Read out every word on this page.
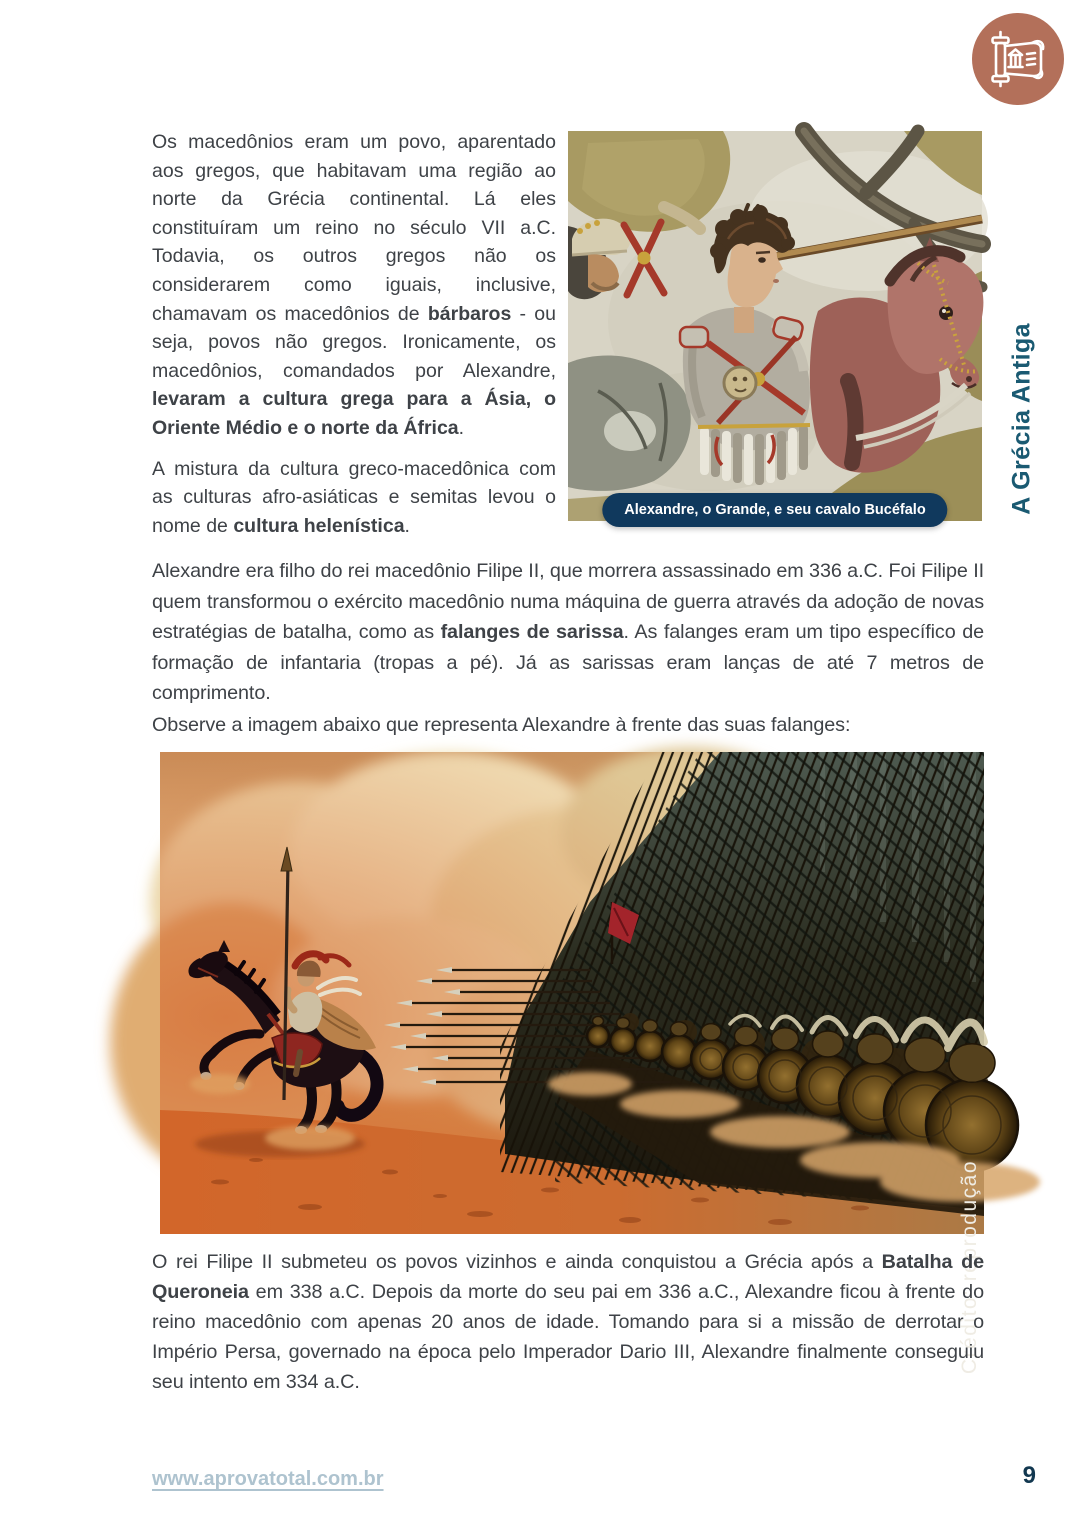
A Grécia Antiga

Os macedônios eram um povo, aparentado aos gregos, que habitavam uma região ao norte da Grécia continental. Lá eles constituíram um reino no século VII a.C. Todavia, os outros gregos não os considerarem como iguais, inclusive, chamavam os macedônios de bárbaros - ou seja, povos não gregos. Ironicamente, os macedônios, comandados por Alexandre, levaram a cultura grega para a Ásia, o Oriente Médio e o norte da África.

A mistura da cultura greco-macedônica com as culturas afro-asiáticas e semitas levou o nome de cultura helenística.

Alexandre, o Grande, e seu cavalo Bucéfalo

Alexandre era filho do rei macedônio Filipe II, que morrera assassinado em 336 a.C. Foi Filipe II quem transformou o exército macedônio numa máquina de guerra através da adoção de novas estratégias de batalha, como as falanges de sarissa. As falanges eram um tipo específico de formação de infantaria (tropas a pé). Já as sarissas eram lanças de até 7 metros de comprimento.

Observe a imagem abaixo que representa Alexandre à frente das suas falanges:

Crédito: reprodução

O rei Filipe II submeteu os povos vizinhos e ainda conquistou a Grécia após a Batalha de Queroneia em 338 a.C. Depois da morte do seu pai em 336 a.C., Alexandre ficou à frente do reino macedônio com apenas 20 anos de idade. Tomando para si a missão de derrotar o Império Persa, governado na época pelo Imperador Dario III, Alexandre finalmente conseguiu seu intento em 334 a.C.

www.aprovatotal.com.br	9
